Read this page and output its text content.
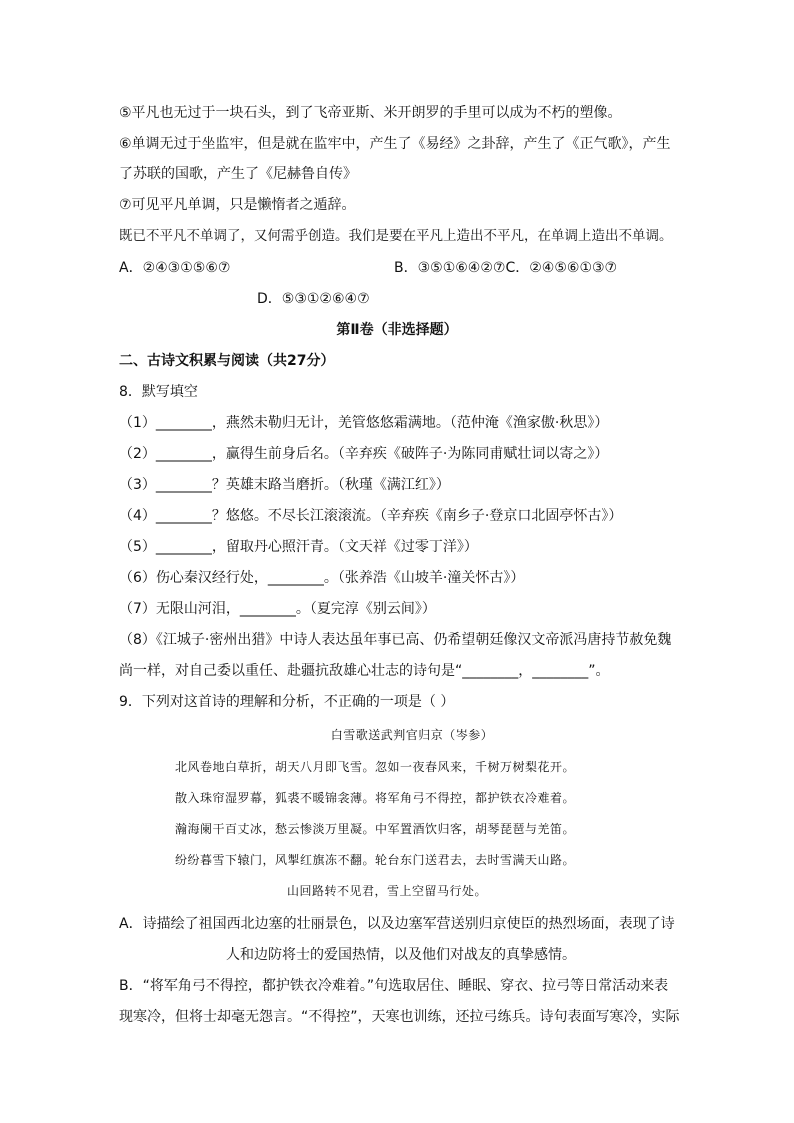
⑤平凡也无过于一块石头，到了飞帝亚斯、米开朗罗的手里可以成为不朽的塑像。
⑥单调无过于坐监牢，但是就在监牢中，产生了《易经》之卦辞，产生了《正气歌》，产生
了苏联的国歌，产生了《尼赫鲁自传》
⑦可见平凡单调，只是懒惰者之遁辞。
既已不平凡不单调了，又何需乎创造。我们是要在平凡上造出不平凡，在单调上造出不单调。
A．②④③①⑤⑥⑦	B．③⑤①⑥④②⑦C．②④⑤⑥①③⑦
D．⑤③①②⑥④⑦
第Ⅱ卷（非选择题）
二、古诗文积累与阅读（共27分）
8．默写填空
（1）________，燕然未勒归无计，羌管悠悠霜满地。（范仲淹《渔家傲·秋思》）
（2）________，赢得生前身后名。（辛弃疾《破阵子·为陈同甫赋壮词以寄之》）
（3）________？英雄末路当磨折。（秋瑾《满江红》）
（4）________？悠悠。不尽长江滚滚流。（辛弃疾《南乡子·登京口北固亭怀古》）
（5）________，留取丹心照汗青。（文天祥《过零丁洋》）
（6）伤心秦汉经行处，________。（张养浩《山坡羊·潼关怀古》）
（7）无限山河泪，________。（夏完淳《别云间》）
（8）《江城子·密州出猎》中诗人表达虽年事已高、仍希望朝廷像汉文帝派冯唐持节赦免魏
尚一样，对自己委以重任、赴疆抗敌雄心壮志的诗句是“________，________”。
9．下列对这首诗的理解和分析，不正确的一项是（ ）
白雪歌送武判官归京（岑参）
北风卷地白草折，胡天八月即飞雪。忽如一夜春风来，千树万树梨花开。
散入珠帘湿罗幕，狐裘不暖锦衾薄。将军角弓不得控，都护铁衣冷难着。
瀚海阑干百丈冰，愁云惨淡万里凝。中军置酒饮归客，胡琴琵琶与羌笛。
纷纷暮雪下辕门，风掣红旗冻不翻。轮台东门送君去，去时雪满天山路。
山回路转不见君，雪上空留马行处。
A．诗描绘了祖国西北边塞的壮丽景色，以及边塞军营送别归京使臣的热烈场面，表现了诗
人和边防将士的爱国热情，以及他们对战友的真挚感情。
B．“将军角弓不得控，都护铁衣冷难着。”句选取居住、睡眠、穿衣、拉弓等日常活动来表
现寒冷，但将士却毫无怨言。“不得控”，天寒也训练，还拉弓练兵。诗句表面写寒冷，实际
